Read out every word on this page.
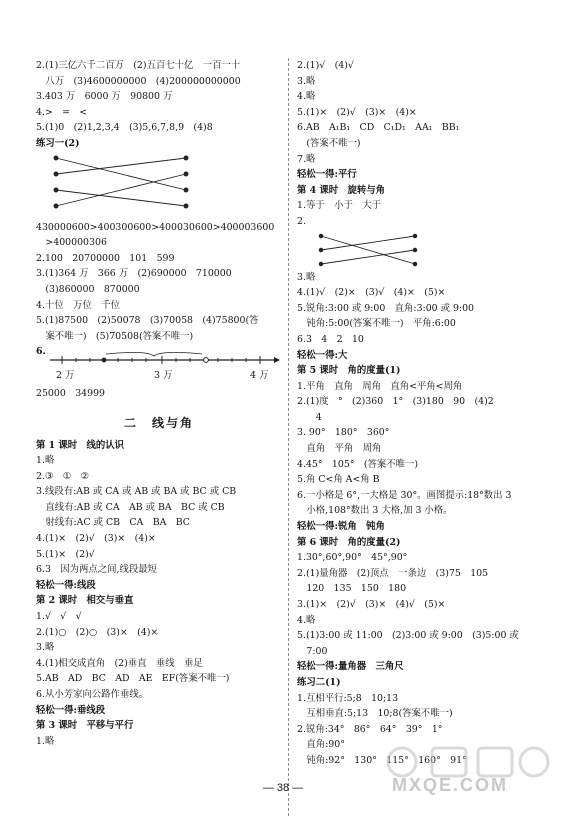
2.(1)三亿六千二百万　(2)五百七十亿　一百一十
　八万　(3)4600000000　(4)200000000000
3.403 万　6000 万　90800 万
4.>　=　<
5.(1)0　(2)1,2,3,4　(3)5,6,7,8,9　(4)8
练习一(2)
430000600>400300600>400030600>400003600
　>400000306
2.100　20700000　101　599
3.(1)364 万　366 万　(2)690000　710000
　(3)860000　870000
4.十位　万位　千位
5.(1)87500　(2)50078　(3)70058　(4)75800(答
　案不唯一)　(5)70508(答案不唯一)
6.
2 万	3 万	4 万
25000　34999
二　线与角
第 1 课时　线的认识
1.略
2.③　①　②
3.线段有:AB 或 CA 或 AB 或 BA 或 BC 或 CB
　直线有:AB 或 CA　AB 或 BA　BC 或 CB
　射线有:AC 或 CB　CA　BA　BC
4.(1)×　(2)√　(3)×　(4)×
5.(1)×　(2)√
6.3　因为两点之间,线段最短
轻松一得:线段
第 2 课时　相交与垂直
1.√　√　√
2.(1)○　(2)○　(3)×　(4)×
3.略
4.(1)相交成直角　(2)垂直　垂线　垂足
5.AB　AD　BC　AD　AE　EF(答案不唯一)
6.从小芳家向公路作垂线。
轻松一得:垂线段
第 3 课时　平移与平行
1.略
2.(1)√　(4)√
3.略
4.略
5.(1)×　(2)√　(3)×　(4)×
6.AB　A₁B₁　CD　C₁D₁　AA₁　BB₁
　(答案不唯一)
7.略
轻松一得:平行
第 4 课时　旋转与角
1.等于　小于　大于
2.
3.略
4.(1)√　(2)×　(3)√　(4)×　(5)×
5.锐角:3:00 或 9:00　直角:3:00 或 9:00
　钝角:5:00(答案不唯一)　平角:6:00
6.3　4　2　10
轻松一得:大
第 5 课时　角的度量(1)
1.平角　直角　周角　直角<平角<周角
2.(1)度　°　(2)360　1°　(3)180　90　(4)2
　　4
3. 90°　180°　360°
　直角　平角　周角
4.45°　105°　(答案不唯一)
5.角 C<角 A<角 B
6.一小格是 6°,一大格是 30°。画图提示:18°数出 3
　小格,108°数出 3 大格,加 3 小格。
轻松一得:锐角　钝角
第 6 课时　角的度量(2)
1.30°,60°,90°　45°,90°
2.(1)量角器　(2)顶点　一条边　(3)75　105
　120　135　150　180
3.(1)×　(2)√　(3)×　(4)√　(5)×
4.略
5.(1)3:00 或 11:00　(2)3:00 或 9:00　(3)5:00 或
　7:00
轻松一得:量角器　三角尺
练习二(1)
1.互相平行:5;8　10;13
　互相垂直:5;13　10;8(答案不唯一)
2.锐角:34°　86°　64°　39°　1°
　直角:90°
　钝角:92°　130°　115°　160°　91°
— 38 —	MXQE.COM
